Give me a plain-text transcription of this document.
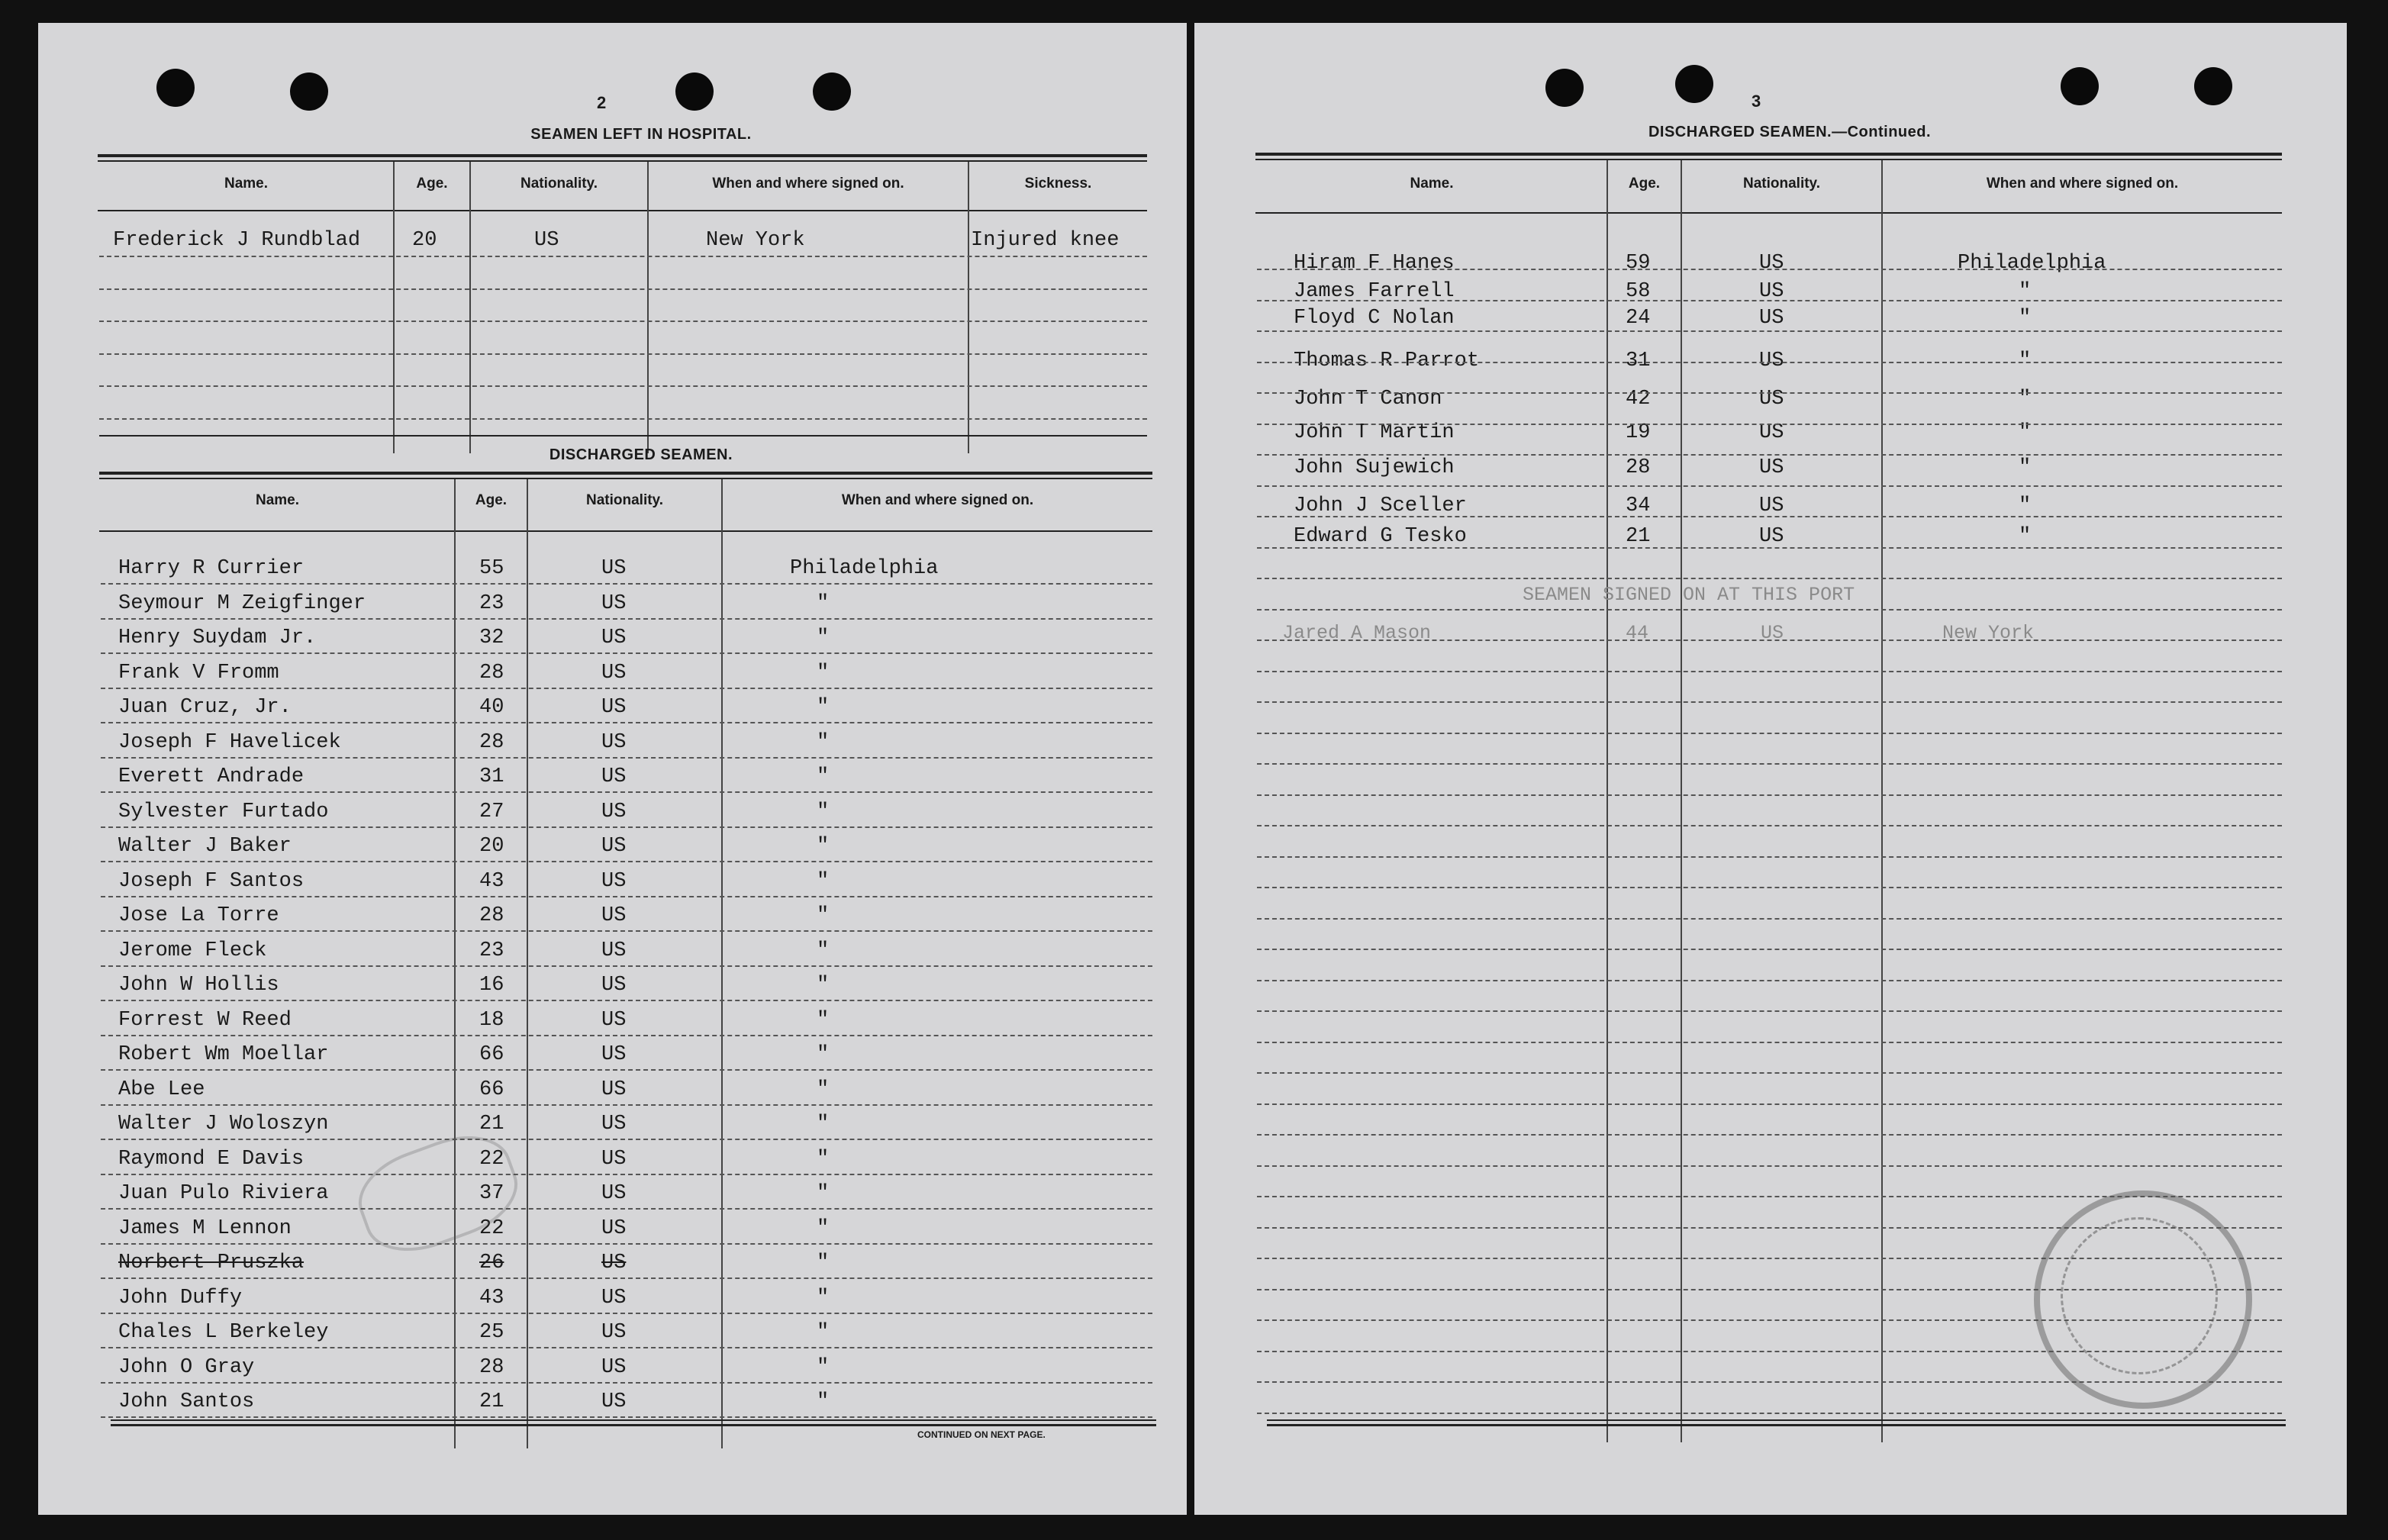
2
SEAMEN LEFT IN HOSPITAL.
Name.	Age.	Nationality.	When and where signed on.	Sickness.
Frederick J Rundblad	20	US	New York	Injured knee
DISCHARGED SEAMEN.
Name.	Age.	Nationality.	When and where signed on.
Harry R Currier	55	US	Philadelphia
Seymour M Zeigfinger	23	US	"
Henry Suydam Jr.	32	US	"
Frank V Fromm	28	US	"
Juan Cruz, Jr.	40	US	"
Joseph F Havelicek	28	US	"
Everett Andrade	31	US	"
Sylvester Furtado	27	US	"
Walter J Baker	20	US	"
Joseph F Santos	43	US	"
Jose La Torre	28	US	"
Jerome Fleck	23	US	"
John W Hollis	16	US	"
Forrest W Reed	18	US	"
Robert Wm Moellar	66	US	"
Abe Lee	66	US	"
Walter J Woloszyn	21	US	"
Raymond E Davis	22	US	"
Juan Pulo Riviera	37	US	"
James M Lennon	22	US	"
Norbert Pruszka	26	US	"
John Duffy	43	US	"
Chales L Berkeley	25	US	"
John O Gray	28	US	"
John Santos	21	US	"
CONTINUED ON NEXT PAGE.
3
DISCHARGED SEAMEN.—Continued.
Name.	Age.	Nationality.	When and where signed on.
Hiram F Hanes	59	US	Philadelphia
James Farrell	58	US	"
Floyd C Nolan	24	US	"
Thomas R Parrot	31	US	"
John T Canon	42	US	"
John T Martin	19	US	"
John Sujewich	28	US	"
John J Sceller	34	US	"
Edward G Tesko	21	US	"
SEAMEN SIGNED ON AT THIS PORT
Jared A Mason	44	US	New York
